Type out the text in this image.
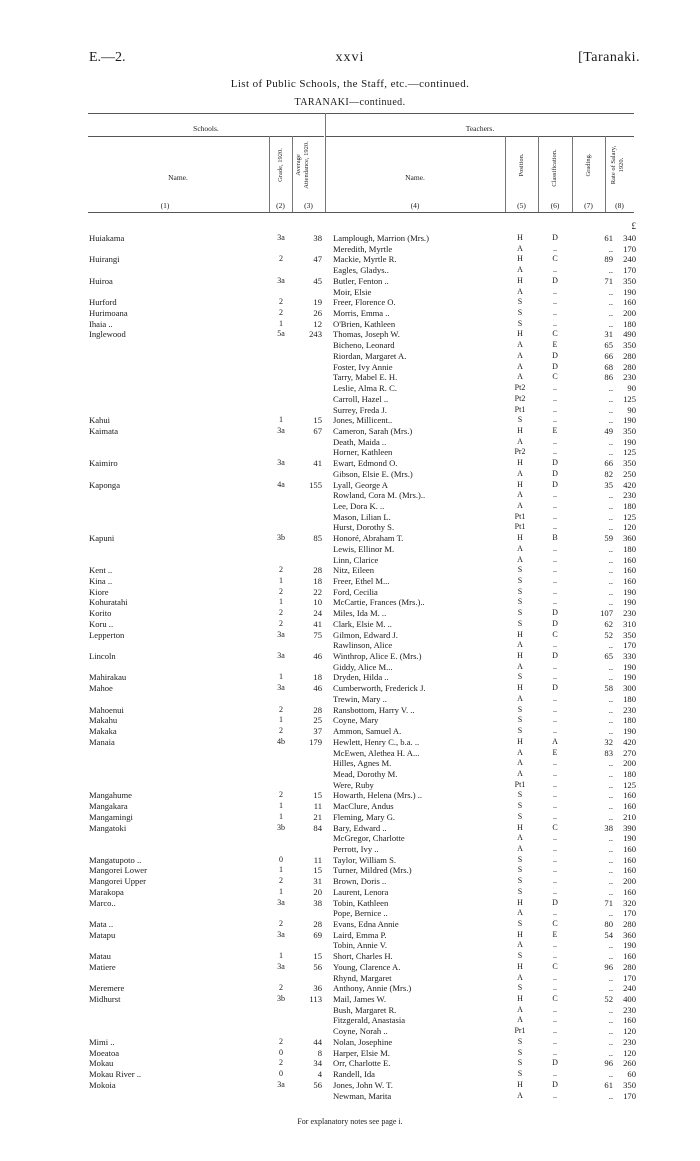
E.—2.	xxvi	[Taranaki.
List of Public Schools, the Staff, etc.—continued.
TARANAKI—continued.
Schools.	Teachers.
Name.	Name.
Grade, 1920. Average Attendance, 1920.	Position.	Classification.	Grading.	Rate of Salary, 1920.
(1)	(2)	(3)	(4)	(5)	(6)	(7)	(8)
£
Huiakama	3a	38 Lamplough, Marrion (Mrs.)	H	D	61	340
Meredith, Myrtle	A	..	..	170
Huirangi	2	47 Mackie, Myrtle R.	H	C	89	240
Eagles, Gladys..	A	..	..	170
Huiroa	3a	45 Butler, Fenton ..	H	D	71	350
Moir, Elsie	A	..	..	190
Hurford	2	19 Freer, Florence O.	S	..	..	160
Hurimoana	2	26 Morris, Emma ..	S	..	..	200
Ihaia ..	1	12 O'Brien, Kathleen	S	..	..	180
Inglewood	5a	243 Thomas, Joseph W.	H	C	31	490
Bicheno, Leonard	A	E	65	350
Riordan, Margaret A.	A	D	66	280
Foster, Ivy Annie	A	D	68	280
Tarry, Mabel E. H.	A	C	86	230
Leslie, Alma R. C.	Pt2	..	..	90
Carroll, Hazel ..	Pt2	..	..	125
Surrey, Freda J.	Pt1	..	..	90
Kahui	1	15 Jones, Millicent..	S	..	..	190
Kaimata	3a	67 Cameron, Sarah (Mrs.)	H	E	49	350
Death, Maida ..	A	..	..	190
Horner, Kathleen	Pr2	..	..	125
Kaimiro	3a	41 Ewart, Edmond O.	H	D	66	350
Gibson, Elsie E. (Mrs.)	A	D	82	250
Kaponga	4a	155 Lyall, George A	H	D	35	420
Rowland, Cora M. (Mrs.)..	A	..	..	230
Lee, Dora K. ..	A	..	..	180
Mason, Lilian L.	Pt1	..	..	125
Hurst, Dorothy S.	Pt1	..	..	120
Kapuni	3b	85 Honoré, Abraham T.	H	B	59	360
Lewis, Ellinor M.	A	..	..	180
Linn, Clarice	A	..	..	160
Kent ..	2	28 Nitz, Eileen	S	..	..	160
Kina ..	1	18 Freer, Ethel M...	S	..	..	160
Kiore	2	22 Ford, Cecilia	S	..	..	190
Kohuratahi	1	10 McCartie, Frances (Mrs.)..	S	..	..	190
Korito	2	24 Miles, Ida M. ..	S	D	107	230
Koru ..	2	41 Clark, Elsie M. ..	S	D	62	310
Lepperton	3a	75 Gilmon, Edward J.	H	C	52	350
Rawlinson, Alice	A	..	..	170
Lincoln	3a	46 Winthrop, Alice E. (Mrs.)	H	D	65	330
Giddy, Alice M...	A	..	..	190
Mahirakau	1	18 Dryden, Hilda ..	S	..	..	190
Mahoe	3a	46 Cumberworth, Frederick J.	H	D	58	300
Trewin, Mary ..	A	..	..	180
Mahoenui	2	28 Ransbottom, Harry V. ..	S	..	..	230
Makahu	1	25 Coyne, Mary	S	..	..	180
Makaka	2	37 Ammon, Samuel A.	S	..	..	190
Manaia	4b	179 Hewlett, Henry C., b.a. ..	H	A	32	420
McEwen, Alethea H. A...	A	E	83	270
Hilles, Agnes M.	A	..	..	200
Mead, Dorothy M.	A	..	..	180
Were, Ruby	Pt1	..	..	125
Mangahume	2	15 Howarth, Helena (Mrs.) ..	S	..	..	160
Mangakara	1	11 MacClure, Andus	S	..	..	160
Mangamingi	1	21 Fleming, Mary G.	S	..	..	210
Mangatoki	3b	84 Bary, Edward ..	H	C	38	390
McGregor, Charlotte	A	..	..	190
Perrott, Ivy ..	A	..	..	160
Mangatupoto ..	0	11 Taylor, William S.	S	..	..	160
Mangorei Lower	1	15 Turner, Mildred (Mrs.)	S	..	..	160
Mangorei Upper	2	31 Brown, Doris ..	S	..	..	200
Marakopa	1	20 Laurent, Lenora	S	..	..	160
Marco..	3a	38 Tobin, Kathleen	H	D	71	320
Pope, Bernice ..	A	..	..	170
Mata ..	2	28 Evans, Edna Annie	S	C	80	280
Matapu	3a	69 Laird, Emma P.	H	E	54	360
Tobin, Annie V.	A	..	..	190
Matau	1	15 Short, Charles H.	S	..	..	160
Matiere	3a	56 Young, Clarence A.	H	C	96	280
Rhynd, Margaret	A	..	..	170
Meremere	2	36 Anthony, Annie (Mrs.)	S	..	..	240
Midhurst	3b	113 Mail, James W.	H	C	52	400
Bush, Margaret R.	A	..	..	230
Fitzgerald, Anastasia	A	..	..	160
Coyne, Norah ..	Pr1	..	..	120
Mimi ..	2	44 Nolan, Josephine	S	..	..	230
Moeatoa	0	8 Harper, Elsie M.	S	..	..	120
Mokau	2	34 Orr, Charlotte E.	S	D	96	260
Mokau River ..	0	4 Randell, Ida	S	..	..	60
Mokoia	3a	56 Jones, John W. T.	H	D	61	350
Newman, Marita	A	..	..	170
For explanatory notes see page i.
